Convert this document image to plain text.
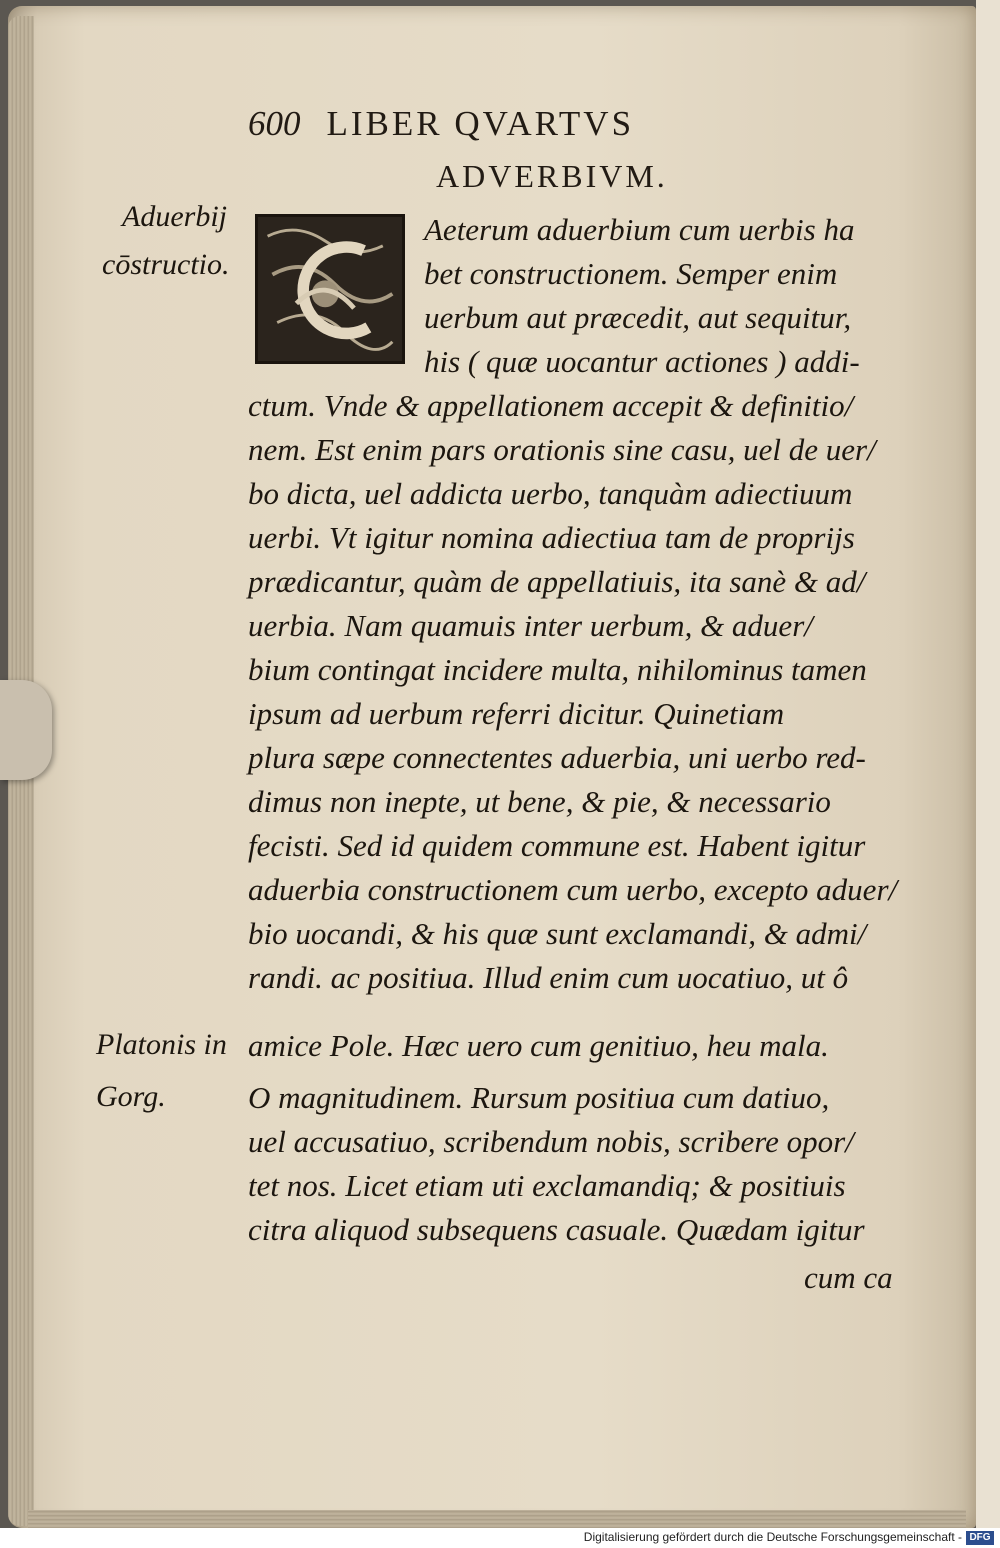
600 LIBER QVARTVS
ADVERBIVM.
Aduerbij
cōstructio.
Platonis in
Gorg.
Aeterum aduerbium cum uerbis ha
bet constructionem. Semper enim
uerbum aut præcedit, aut sequitur,
his ( quæ uocantur actiones ) addi-
ctum. Vnde & appellationem accepit & definitio/
nem. Est enim pars orationis sine casu, uel de uer/
bo dicta, uel addicta uerbo, tanquàm adiectiuum
uerbi. Vt igitur nomina adiectiua tam de proprijs
prædicantur, quàm de appellatiuis, ita sanè & ad/
uerbia. Nam quamuis inter uerbum, & aduer/
bium contingat incidere multa, nihilominus tamen
ipsum ad uerbum referri dicitur. Quinetiam
plura sæpe connectentes aduerbia, uni uerbo red-
dimus non inepte, ut bene, & pie, & necessario
fecisti. Sed id quidem commune est. Habent igitur
aduerbia constructionem cum uerbo, excepto aduer/
bio uocandi, & his quæ sunt exclamandi, & admi/
randi. ac positiua. Illud enim cum uocatiuo, ut ô
amice Pole. Hæc uero cum genitiuo, heu mala.
O magnitudinem. Rursum positiua cum datiuo,
uel accusatiuo, scribendum nobis, scribere opor/
tet nos. Licet etiam uti exclamandiq; & positiuis
citra aliquod subsequens casuale. Quædam igitur
cum ca
Digitalisierung gefördert durch die Deutsche Forschungsgemeinschaft - DFG
